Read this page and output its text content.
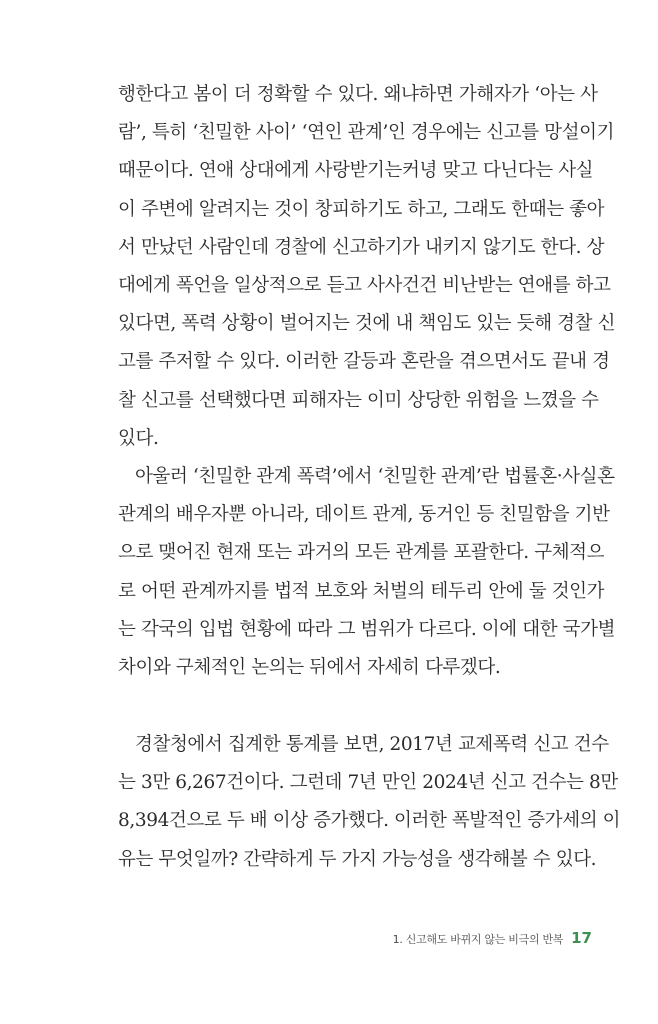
행한다고 봄이 더 정확할 수 있다. 왜냐하면 가해자가 ‘아는 사
람’, 특히 ‘친밀한 사이’ ‘연인 관계’인 경우에는 신고를 망설이기
때문이다. 연애 상대에게 사랑받기는커녕 맞고 다닌다는 사실
이 주변에 알려지는 것이 창피하기도 하고, 그래도 한때는 좋아
서 만났던 사람인데 경찰에 신고하기가 내키지 않기도 한다. 상
대에게 폭언을 일상적으로 듣고 사사건건 비난받는 연애를 하고
있다면, 폭력 상황이 벌어지는 것에 내 책임도 있는 듯해 경찰 신
고를 주저할 수 있다. 이러한 갈등과 혼란을 겪으면서도 끝내 경
찰 신고를 선택했다면 피해자는 이미 상당한 위험을 느꼈을 수
있다.
아울러 ‘친밀한 관계 폭력’에서 ‘친밀한 관계’란 법률혼·사실혼
관계의 배우자뿐 아니라, 데이트 관계, 동거인 등 친밀함을 기반
으로 맺어진 현재 또는 과거의 모든 관계를 포괄한다. 구체적으
로 어떤 관계까지를 법적 보호와 처벌의 테두리 안에 둘 것인가
는 각국의 입법 현황에 따라 그 범위가 다르다. 이에 대한 국가별
차이와 구체적인 논의는 뒤에서 자세히 다루겠다.
경찰청에서 집계한 통계를 보면, 2017년 교제폭력 신고 건수
는 3만 6,267건이다. 그런데 7년 만인 2024년 신고 건수는 8만
8,394건으로 두 배 이상 증가했다. 이러한 폭발적인 증가세의 이
유는 무엇일까? 간략하게 두 가지 가능성을 생각해볼 수 있다.
1. 신고해도 바뀌지 않는 비극의 반복 17
